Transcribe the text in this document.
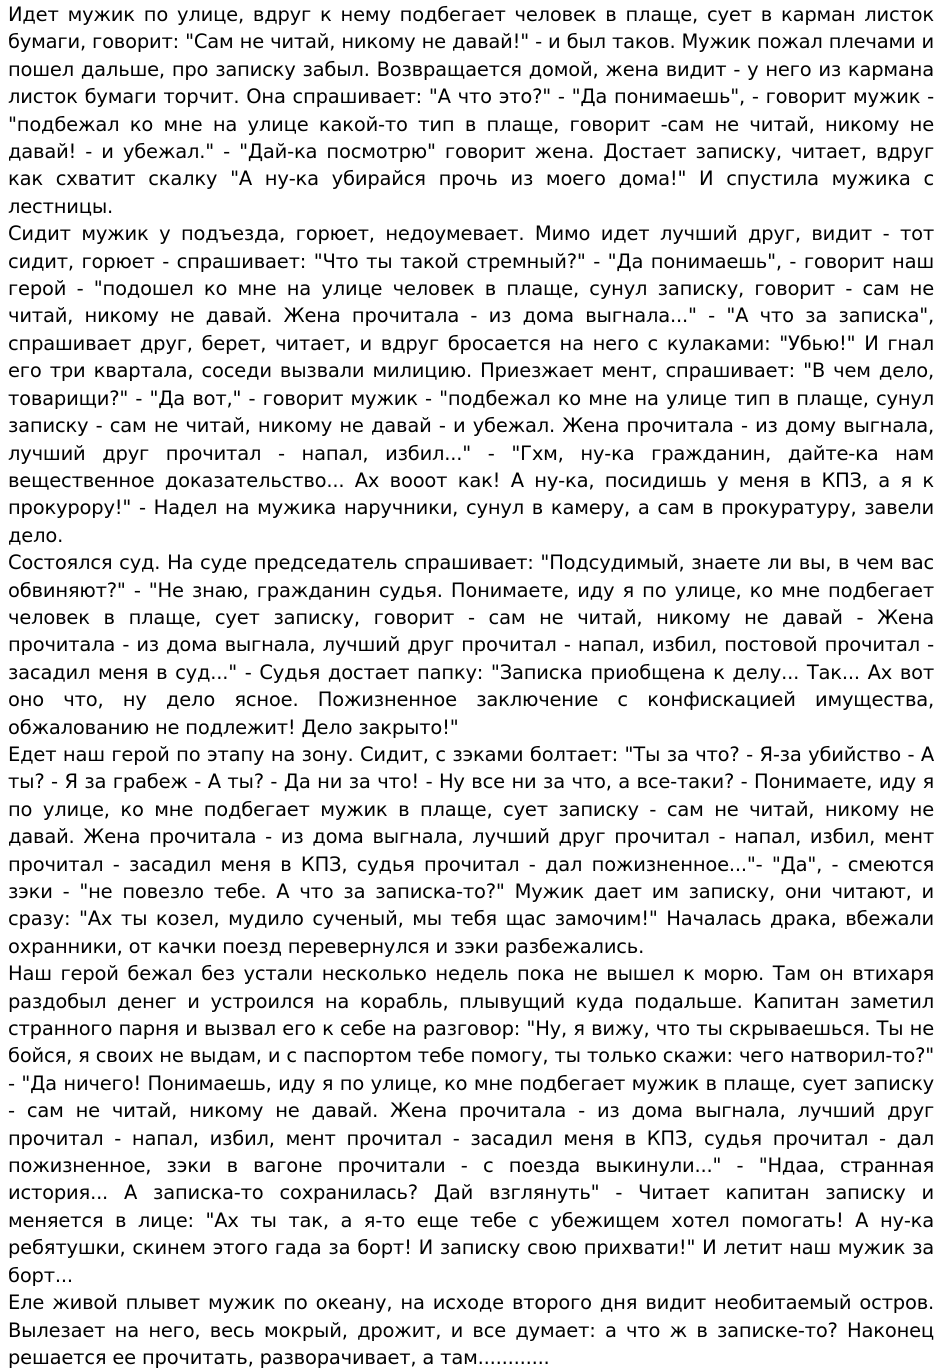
Идет мужик по улице, вдруг к нему подбегает человек в плаще, сует в карман листок бумаги, говорит: "Сам не читай, никому не давай!" - и был таков. Мужик пожал плечами и пошел дальше, про записку забыл. Возвращается домой, жена видит - у него из кармана листок бумаги торчит. Она спрашивает: "А что это?" - "Да понимаешь", - говорит мужик - "подбежал ко мне на улице какой-то тип в плаще, говорит -сам не читай, никому не давай! - и убежал." - "Дай-ка посмотрю" говорит жена. Достает записку, читает, вдруг как схватит скалку "А ну-ка убирайся прочь из моего дома!" И спустила мужика с лестницы.

Сидит мужик у подъезда, горюет, недоумевает. Мимо идет лучший друг, видит - тот сидит, горюет - спрашивает: "Что ты такой стремный?" - "Да понимаешь", - говорит наш герой - "подошел ко мне на улице человек в плаще, сунул записку, говорит - сам не читай, никому не давай. Жена прочитала - из дома выгнала..." - "А что за записка", спрашивает друг, берет, читает, и вдруг бросается на него с кулаками: "Убью!" И гнал его три квартала, соседи вызвали милицию. Приезжает мент, спрашивает: "В чем дело, товарищи?" - "Да вот," - говорит мужик - "подбежал ко мне на улице тип в плаще, сунул записку - сам не читай, никому не давай - и убежал. Жена прочитала - из дому выгнала, лучший друг прочитал - напал, избил..." - "Гхм, ну-ка гражданин, дайте-ка нам вещественное доказательство... Ах вооот как! А ну-ка, посидишь у меня в КПЗ, а я к прокурору!" - Надел на мужика наручники, сунул в камеру, а сам в прокуратуру, завели дело.

Состоялся суд. На суде председатель спрашивает: "Подсудимый, знаете ли вы, в чем вас обвиняют?" - "Не знаю, гражданин судья. Понимаете, иду я по улице, ко мне подбегает человек в плаще, сует записку, говорит - сам не читай, никому не давай - Жена прочитала - из дома выгнала, лучший друг прочитал - напал, избил, постовой прочитал - засадил меня в суд..." - Судья достает папку: "Записка приобщена к делу... Так... Ах вот оно что, ну дело ясное. Пожизненное заключение с конфискацией имущества, обжалованию не подлежит! Дело закрыто!"

Едет наш герой по этапу на зону. Сидит, с зэками болтает: "Ты за что? - Я-за убийство - А ты? - Я за грабеж - А ты? - Да ни за что! - Ну все ни за что, а все-таки? - Понимаете, иду я по улице, ко мне подбегает мужик в плаще, сует записку - сам не читай, никому не давай. Жена прочитала - из дома выгнала, лучший друг прочитал - напал, избил, мент прочитал - засадил меня в КПЗ, судья прочитал - дал пожизненное..."- "Да", - смеются зэки - "не повезло тебе. А что за записка-то?" Мужик дает им записку, они читают, и сразу: "Ах ты козел, мудило сученый, мы тебя щас замочим!" Началась драка, вбежали охранники, от качки поезд перевернулся и зэки разбежались.

Наш герой бежал без устали несколько недель пока не вышел к морю. Там он втихаря раздобыл денег и устроился на корабль, плывущий куда подальше. Капитан заметил странного парня и вызвал его к себе на разговор: "Ну, я вижу, что ты скрываешься. Ты не бойся, я своих не выдам, и с паспортом тебе помогу, ты только скажи: чего натворил-то?" - "Да ничего! Понимаешь, иду я по улице, ко мне подбегает мужик в плаще, сует записку - сам не читай, никому не давай. Жена прочитала - из дома выгнала, лучший друг прочитал - напал, избил, мент прочитал - засадил меня в КПЗ, судья прочитал - дал пожизненное, зэки в вагоне прочитали - с поезда выкинули..." - "Ндаа, странная история... А записка-то сохранилась? Дай взглянуть" - Читает капитан записку и меняется в лице: "Ах ты так, а я-то еще тебе с убежищем хотел помогать! А ну-ка ребятушки, скинем этого гада за борт! И записку свою прихвати!" И летит наш мужик за борт...

Еле живой плывет мужик по океану, на исходе второго дня видит необитаемый остров. Вылезает на него, весь мокрый, дрожит, и все думает: а что ж в записке-то? Наконец решается ее прочитать, разворачивает, а там............
